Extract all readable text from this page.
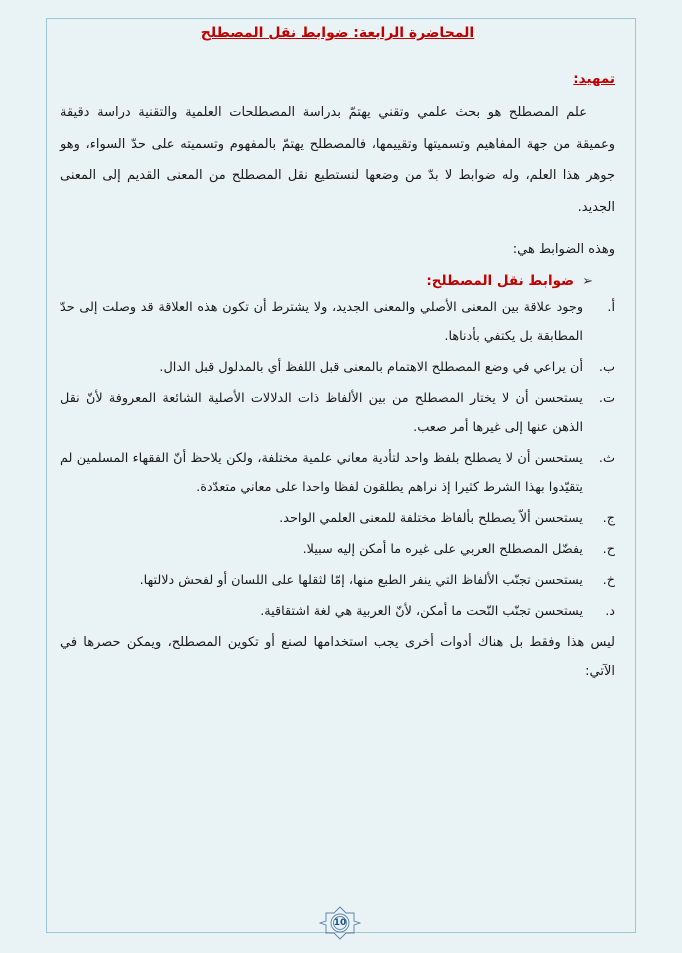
المحاضرة الرابعة: ضوابط نقل المصطلح
تمهيد:
علم المصطلح هو بحث علمي وتقني يهتمّ بدراسة المصطلحات العلمية والتقنية دراسة دقيقة وعميقة من جهة المفاهيم وتسميتها وتقييمها، فالمصطلح يهتمّ بالمفهوم وتسميته على حدّ السواء، وهو جوهر هذا العلم، وله ضوابط لا بدّ من وضعها لنستطيع نقل المصطلح من المعنى القديم إلى المعنى الجديد.
وهذه الضوابط هي:
➢
ضوابط نقل المصطلح:
أ.
وجود علاقة بين المعنى الأصلي والمعنى الجديد، ولا يشترط أن تكون هذه العلاقة قد وصلت إلى حدّ المطابقة بل يكتفي بأدناها.
ب.
أن يراعي في وضع المصطلح الاهتمام بالمعنى قبل اللفظ أي بالمدلول قبل الدال.
ت.
يستحسن أن لا يختار المصطلح من بين الألفاظ ذات الدلالات الأصلية الشائعة المعروفة لأنّ نقل الذهن عنها إلى غيرها أمر صعب.
ث.
يستحسن أن لا يصطلح بلفظ واحد لتأدية معاني علمية مختلفة، ولكن يلاحظ أنّ الفقهاء المسلمين لم يتقيّدوا بهذا الشرط كثيرا إذ نراهم يطلقون لفظا واحدا على معاني متعدّدة.
ج.
يستحسن ألاّ يصطلح بألفاظ مختلفة للمعنى العلمي الواحد.
ح.
يفضّل المصطلح العربي على غيره ما أمكن إليه سبيلا.
خ.
يستحسن تجنّب الألفاظ التي ينفر الطبع منها، إمّا لثقلها على اللسان أو لفحش دلالتها.
د.
يستحسن تجنّب النّحت ما أمكن، لأنّ العربية هي لغة اشتقاقية.
ليس هذا وفقط بل هناك أدوات أخرى يجب استخدامها لصنع أو تكوين المصطلح، ويمكن حصرها في الآتي:
10
